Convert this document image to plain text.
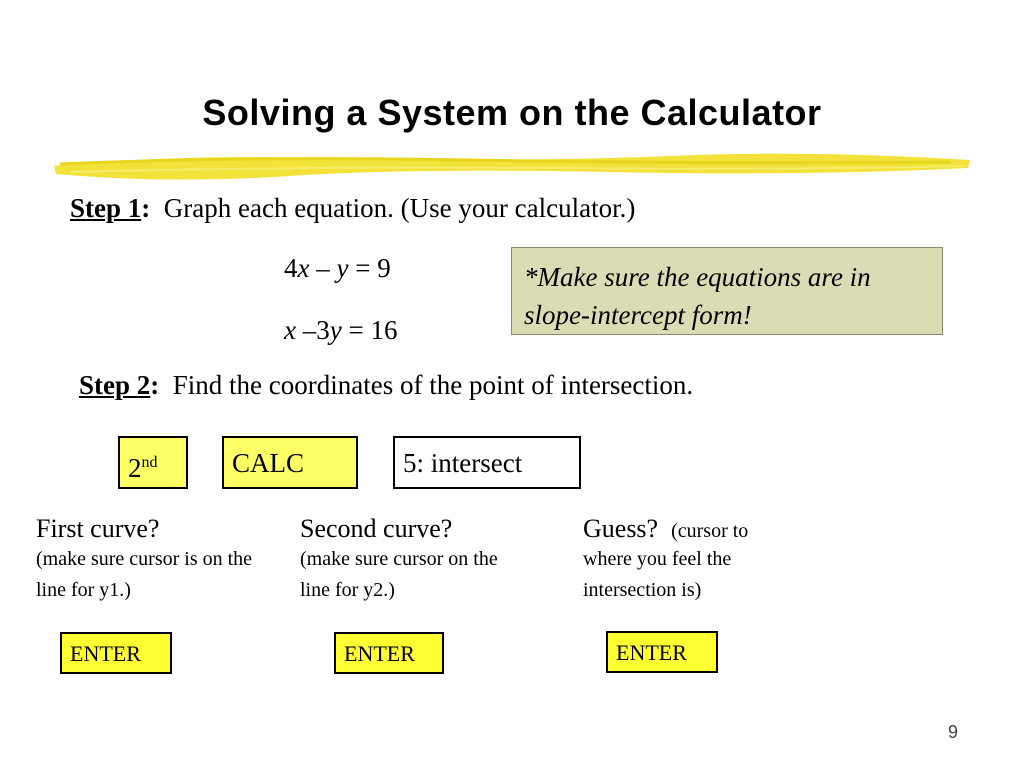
Solving a System on the Calculator
Step 1: Graph each equation. (Use your calculator.)
4x – y = 9
x –3y = 16
*Make sure the equations are in slope-intercept form!
Step 2: Find the coordinates of the point of intersection.
2nd	CALC	5: intersect
First curve?
(make sure cursor is on the line for y1.)
ENTER
Second curve?
(make sure cursor on the line for y2.)
ENTER
Guess? (cursor to
where you feel the intersection is)
ENTER
9
